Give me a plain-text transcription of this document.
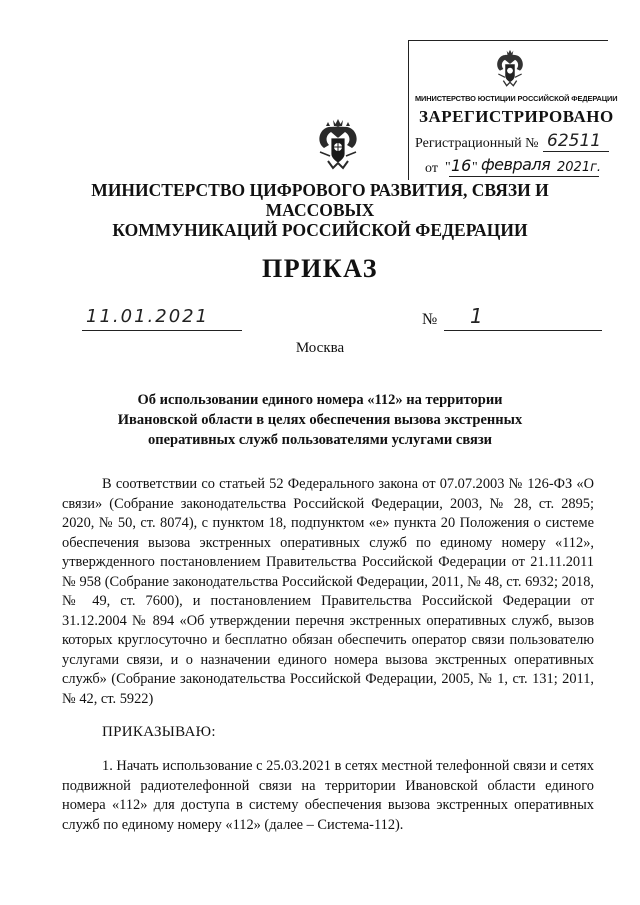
МИНИСТЕРСТВО ЮСТИЦИИ РОССИЙСКОЙ ФЕДЕРАЦИИ
ЗАРЕГИСТРИРОВАНО
Регистрационный № 62511
от " 16 " февраля 2021г.
МИНИСТЕРСТВО ЦИФРОВОГО РАЗВИТИЯ, СВЯЗИ И МАССОВЫХ
КОММУНИКАЦИЙ РОССИЙСКОЙ ФЕДЕРАЦИИ
ПРИКАЗ
11.01.2021	№ 1
Москва
Об использовании единого номера «112» на территории
Ивановской области в целях обеспечения вызова экстренных
оперативных служб пользователями услугами связи
В соответствии со статьей 52 Федерального закона от 07.07.2003 № 126-ФЗ «О связи» (Собрание законодательства Российской Федерации, 2003, № 28, ст. 2895; 2020, № 50, ст. 8074), с пунктом 18, подпунктом «е» пункта 20 Положения о системе обеспечения вызова экстренных оперативных служб по единому номеру «112», утвержденного постановлением Правительства Российской Федерации от 21.11.2011 № 958 (Собрание законодательства Российской Федерации, 2011, № 48, ст. 6932; 2018, № 49, ст. 7600), и постановлением Правительства Российской Федерации от 31.12.2004 № 894 «Об утверждении перечня экстренных оперативных служб, вызов которых круглосуточно и бесплатно обязан обеспечить оператор связи пользователю услугами связи, и о назначении единого номера вызова экстренных оперативных служб» (Собрание законодательства Российской Федерации, 2005, № 1, ст. 131; 2011, № 42, ст. 5922)
ПРИКАЗЫВАЮ:
1. Начать использование с 25.03.2021 в сетях местной телефонной связи и сетях подвижной радиотелефонной связи на территории Ивановской области единого номера «112» для доступа в систему обеспечения вызова экстренных оперативных служб по единому номеру «112» (далее – Система-112).
